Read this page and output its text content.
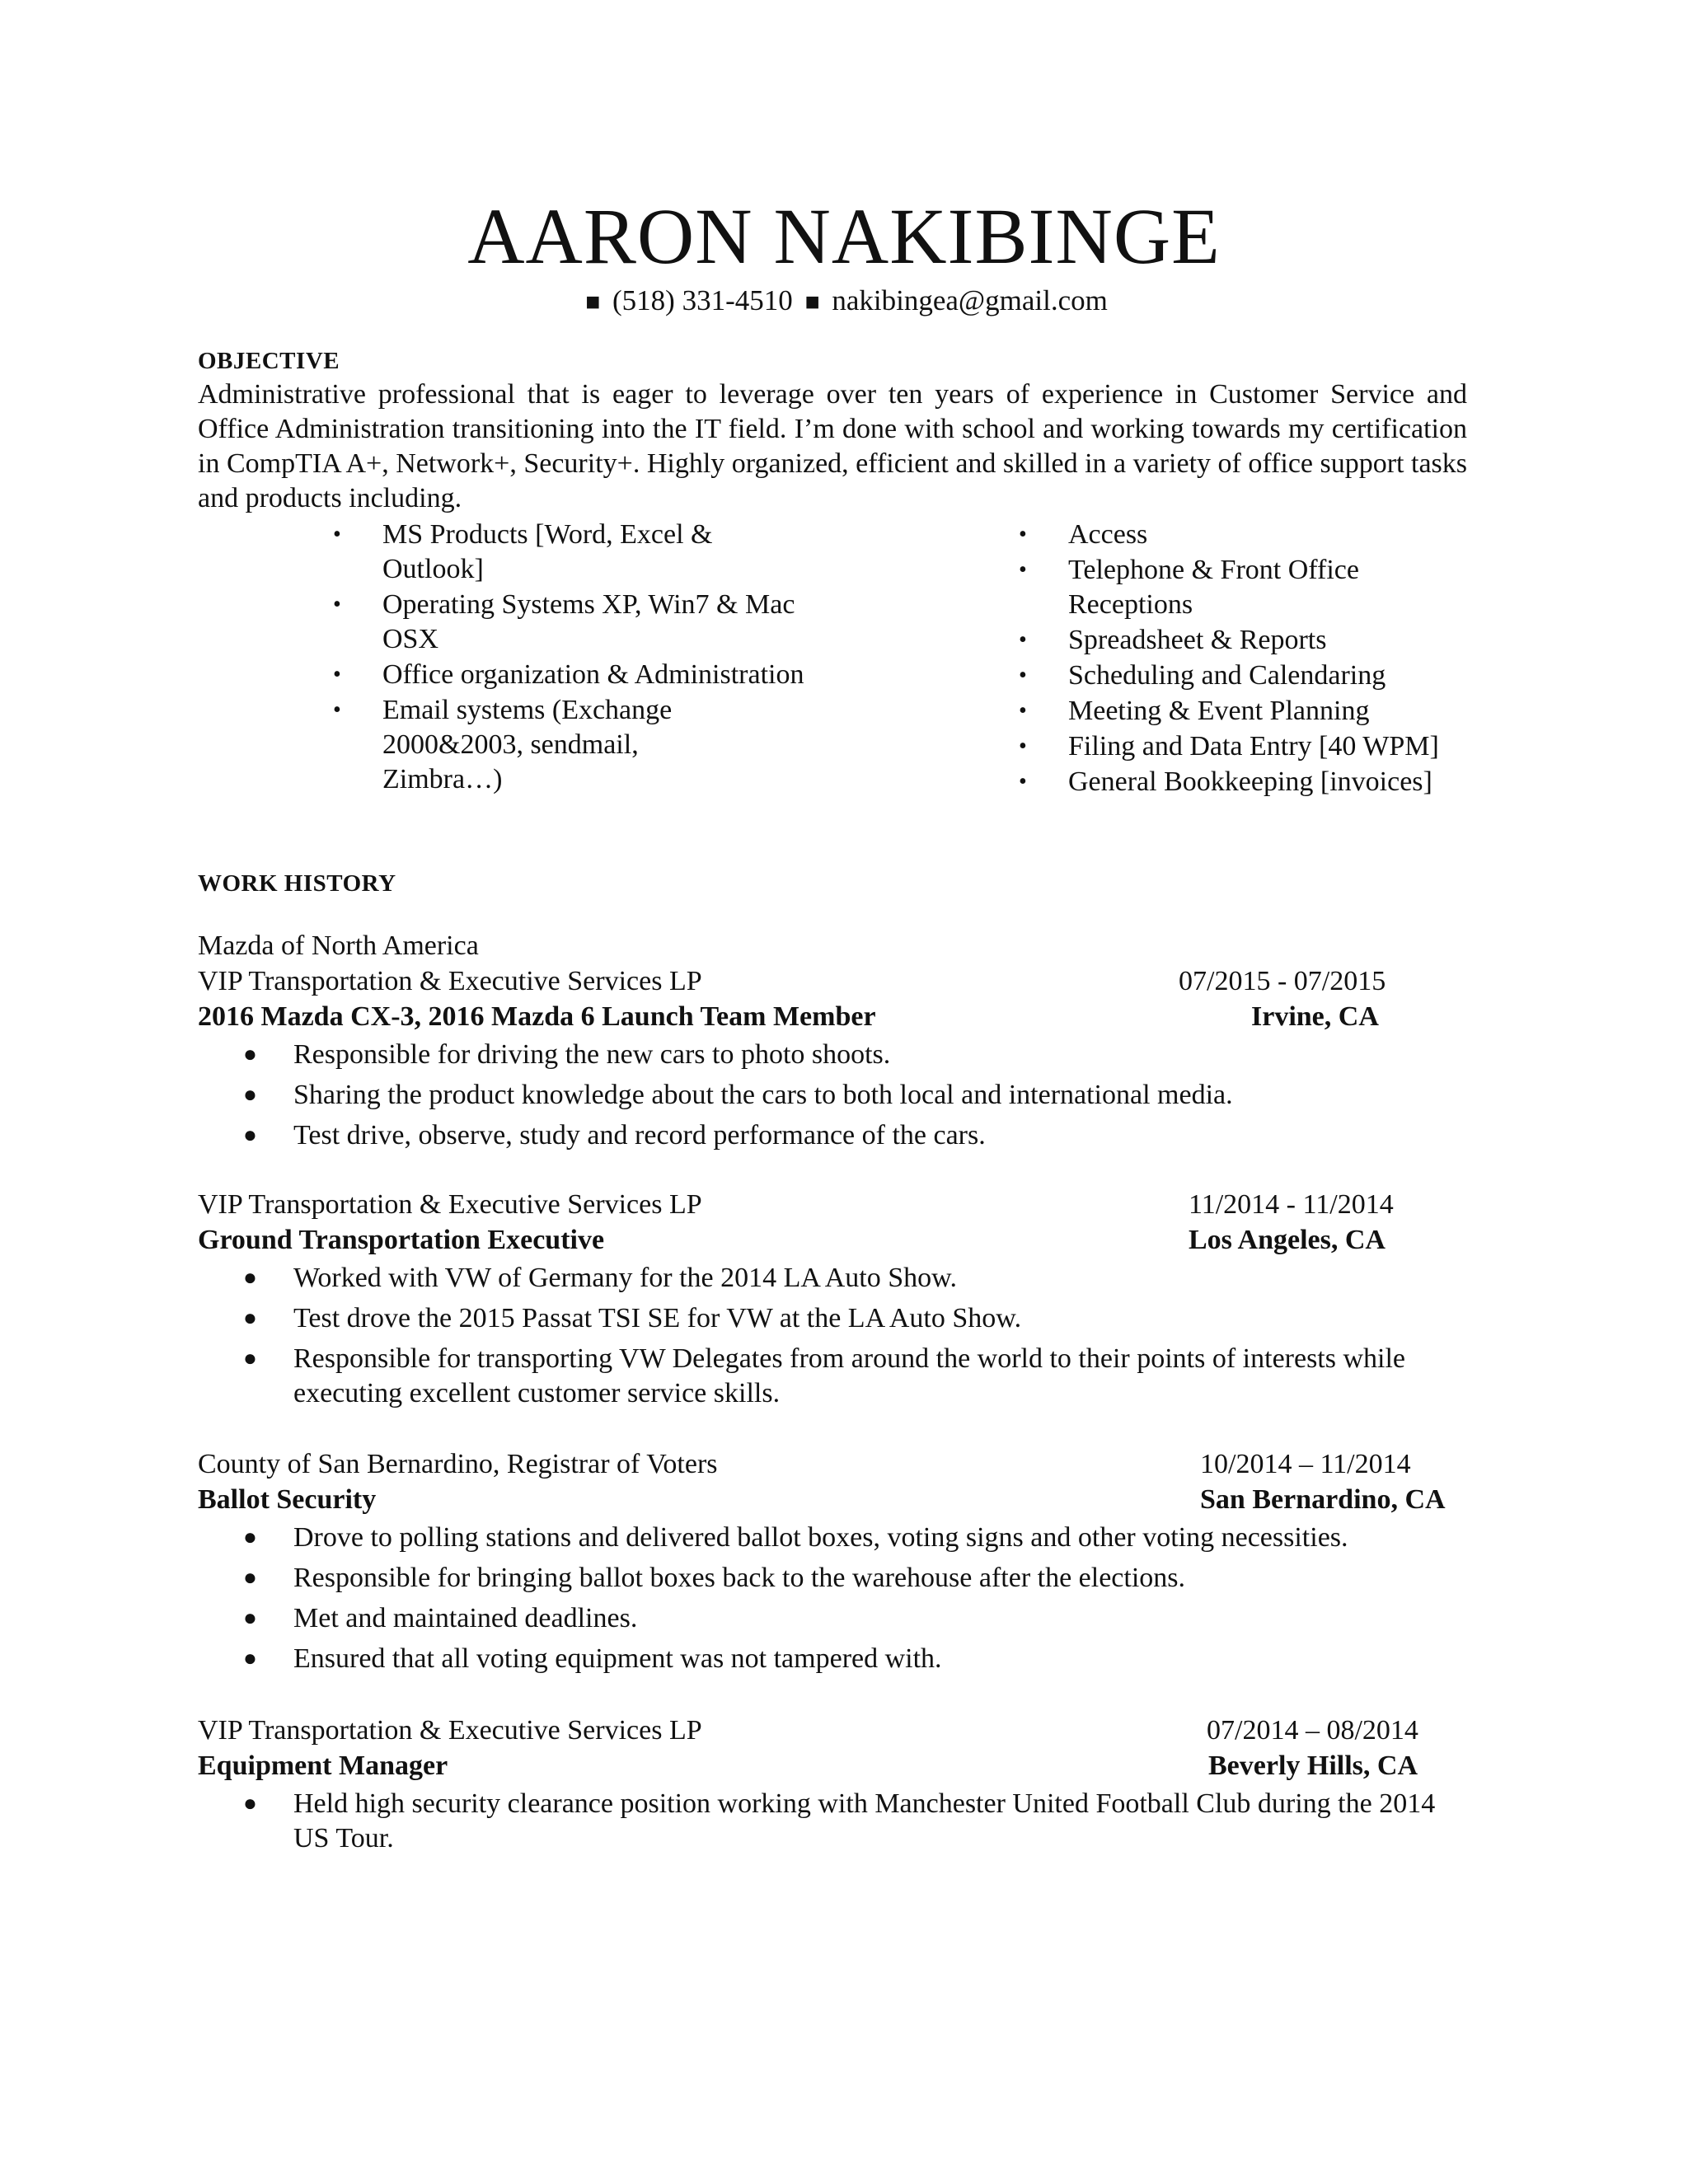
AARON NAKIBINGE
■ (518) 331-4510 ■ nakibingea@gmail.com
OBJECTIVE
Administrative professional that is eager to leverage over ten years of experience in Customer Service and Office Administration transitioning into the IT field. I’m done with school and working towards my certification in CompTIA A+, Network+, Security+. Highly organized, efficient and skilled in a variety of office support tasks and products including.
• MS Products [Word, Excel & Outlook]
• Operating Systems XP, Win7 & Mac OSX
• Office organization & Administration
• Email systems (Exchange 2000&2003, sendmail, Zimbra…)
• Access
• Telephone & Front Office Receptions
• Spreadsheet & Reports
• Scheduling and Calendaring
• Meeting & Event Planning
• Filing and Data Entry [40 WPM]
• General Bookkeeping [invoices]
WORK HISTORY
Mazda of North America
VIP Transportation & Executive Services LP	07/2015 - 07/2015
2016 Mazda CX-3, 2016 Mazda 6 Launch Team Member	Irvine, CA
● Responsible for driving the new cars to photo shoots.
● Sharing the product knowledge about the cars to both local and international media.
● Test drive, observe, study and record performance of the cars.
VIP Transportation & Executive Services LP	11/2014 - 11/2014
Ground Transportation Executive	Los Angeles, CA
● Worked with VW of Germany for the 2014 LA Auto Show.
● Test drove the 2015 Passat TSI SE for VW at the LA Auto Show.
● Responsible for transporting VW Delegates from around the world to their points of interests while executing excellent customer service skills.
County of San Bernardino, Registrar of Voters	10/2014 – 11/2014
Ballot Security	San Bernardino, CA
● Drove to polling stations and delivered ballot boxes, voting signs and other voting necessities.
● Responsible for bringing ballot boxes back to the warehouse after the elections.
● Met and maintained deadlines.
● Ensured that all voting equipment was not tampered with.
VIP Transportation & Executive Services LP	07/2014 – 08/2014
Equipment Manager	Beverly Hills, CA
● Held high security clearance position working with Manchester United Football Club during the 2014 US Tour.
